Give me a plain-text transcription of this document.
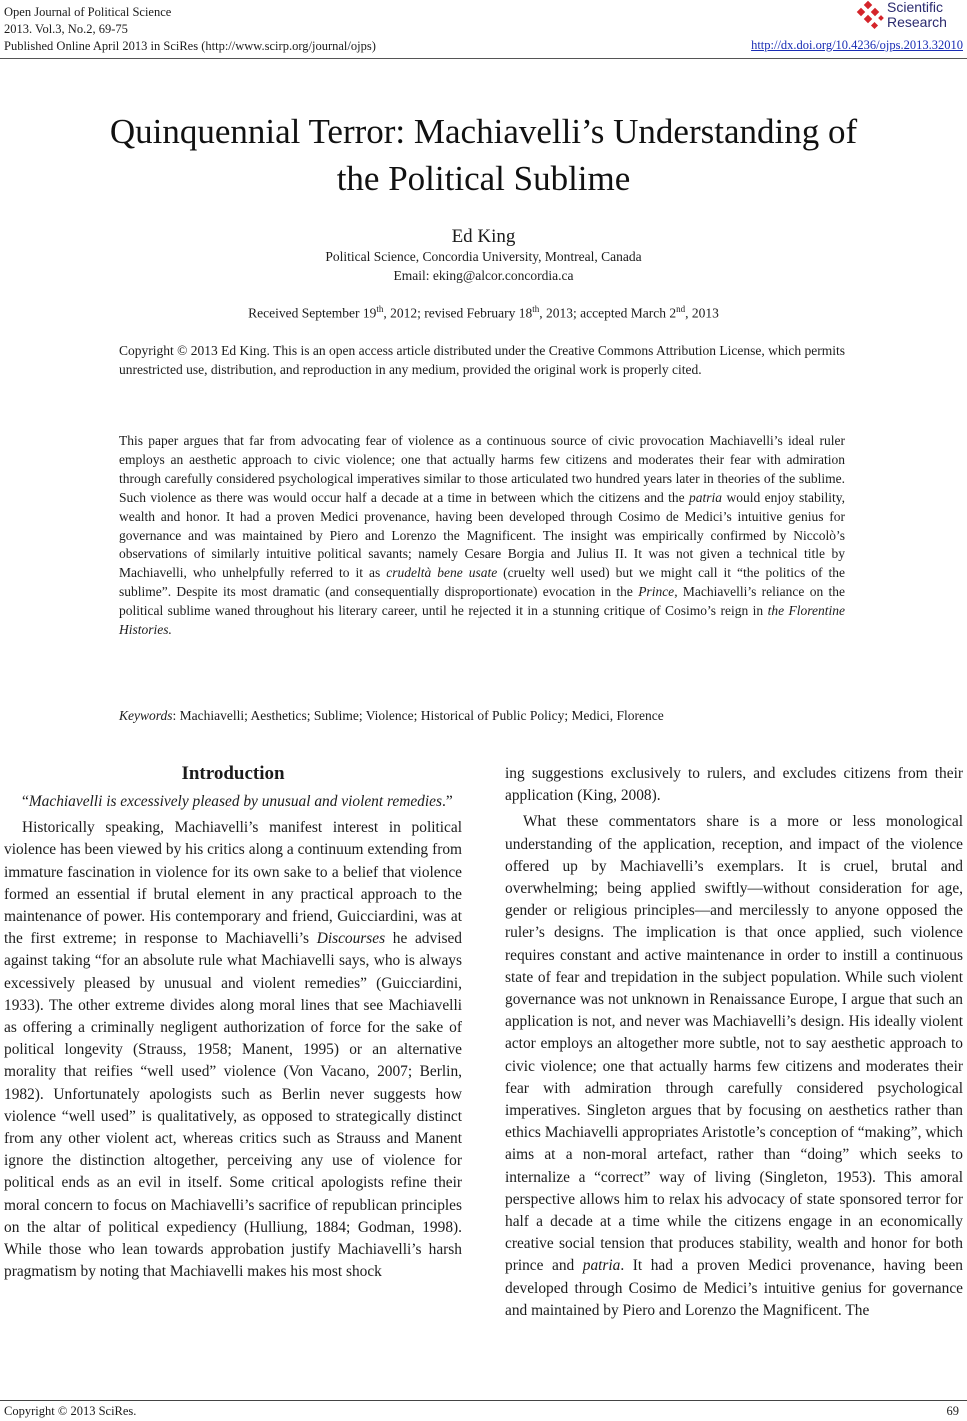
Open Journal of Political Science
2013. Vol.3, No.2, 69-75
Published Online April 2013 in SciRes (http://www.scirp.org/journal/ojps)
Scientific
Research
http://dx.doi.org/10.4236/ojps.2013.32010
Quinquennial Terror: Machiavelli’s Understanding of
the Political Sublime
Ed King
Political Science, Concordia University, Montreal, Canada
Email: eking@alcor.concordia.ca
Received September 19th, 2012; revised February 18th, 2013; accepted March 2nd, 2013
Copyright © 2013 Ed King. This is an open access article distributed under the Creative Commons Attribution License, which permits unrestricted use, distribution, and reproduction in any medium, provided the original work is properly cited.
This paper argues that far from advocating fear of violence as a continuous source of civic provocation Machiavelli’s ideal ruler employs an aesthetic approach to civic violence; one that actually harms few citizens and moderates their fear with admiration through carefully considered psychological imperatives similar to those articulated two hundred years later in theories of the sublime. Such violence as there was would occur half a decade at a time in between which the citizens and the patria would enjoy stability, wealth and honor. It had a proven Medici provenance, having been developed through Cosimo de Medici’s intuitive genius for governance and was maintained by Piero and Lorenzo the Magnificent. The insight was empirically confirmed by Niccolò’s observations of similarly intuitive political savants; namely Cesare Borgia and Julius II. It was not given a technical title by Machiavelli, who unhelpfully referred to it as crudeltà bene usate (cruelty well used) but we might call it “the politics of the sublime”. Despite its most dramatic (and consequentially disproportionate) evocation in the Prince, Machiavelli’s reliance on the political sublime waned throughout his literary career, until he rejected it in a stunning critique of Cosimo’s reign in the Florentine Histories.
Keywords: Machiavelli; Aesthetics; Sublime; Violence; Historical of Public Policy; Medici, Florence
Introduction

“Machiavelli is excessively pleased by unusual and violent remedies.”

Historically speaking, Machiavelli’s manifest interest in political violence has been viewed by his critics along a continuum extending from immature fascination in violence for its own sake to a belief that violence formed an essential if brutal element in any practical approach to the maintenance of power. His contemporary and friend, Guicciardini, was at the first extreme; in response to Machiavelli’s Discourses he advised against taking “for an absolute rule what Machiavelli says, who is always excessively pleased by unusual and violent remedies” (Guicciardini, 1933). The other extreme divides along moral lines that see Machiavelli as offering a criminally negligent authorization of force for the sake of political longevity (Strauss, 1958; Manent, 1995) or an alternative morality that reifies “well used” violence (Von Vacano, 2007; Berlin, 1982). Unfortunately apologists such as Berlin never suggests how violence “well used” is qualitatively, as opposed to strategically distinct from any other violent act, whereas critics such as Strauss and Manent ignore the distinction altogether, perceiving any use of violence for political ends as an evil in itself. Some critical apologists refine their moral concern to focus on Machiavelli’s sacrifice of republican principles on the altar of political expediency (Hulliung, 1884; Godman, 1998). While those who lean towards approbation justify Machiavelli’s harsh pragmatism by noting that Machiavelli makes his most shock

ing suggestions exclusively to rulers, and excludes citizens from their application (King, 2008).

What these commentators share is a more or less monological understanding of the application, reception, and impact of the violence offered up by Machiavelli’s exemplars. It is cruel, brutal and overwhelming; being applied swiftly—without consideration for age, gender or religious principles—and mercilessly to anyone opposed the ruler’s designs. The implication is that once applied, such violence requires constant and active maintenance in order to instill a continuous state of fear and trepidation in the subject population. While such violent governance was not unknown in Renaissance Europe, I argue that such an application is not, and never was Machiavelli’s design. His ideally violent actor employs an altogether more subtle, not to say aesthetic approach to civic violence; one that actually harms few citizens and moderates their fear with admiration through carefully considered psychological imperatives. Singleton argues that by focusing on aesthetics rather than ethics Machiavelli appropriates Aristotle’s conception of “making”, which aims at a non-moral artefact, rather than “doing” which seeks to internalize a “correct” way of living (Singleton, 1953). This amoral perspective allows him to relax his advocacy of state sponsored terror for half a decade at a time while the citizens engage in an economically creative social tension that produces stability, wealth and honor for both prince and patria. It had a proven Medici provenance, having been developed through Cosimo de Medici’s intuitive genius for governance and maintained by Piero and Lorenzo the Magnificent. The

Copyright © 2013 SciRes.	69
